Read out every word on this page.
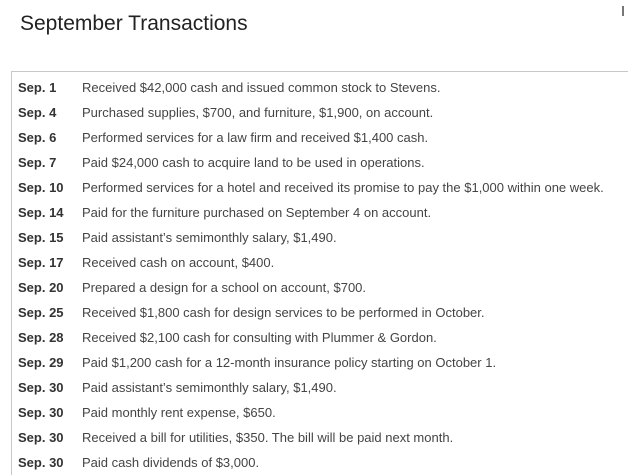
September Transactions
Sep. 1	Received $42,000 cash and issued common stock to Stevens.
Sep. 4	Purchased supplies, $700, and furniture, $1,900, on account.
Sep. 6	Performed services for a law firm and received $1,400 cash.
Sep. 7	Paid $24,000 cash to acquire land to be used in operations.
Sep. 10	Performed services for a hotel and received its promise to pay the $1,000 within one week.
Sep. 14	Paid for the furniture purchased on September 4 on account.
Sep. 15	Paid assistant’s semimonthly salary, $1,490.
Sep. 17	Received cash on account, $400.
Sep. 20	Prepared a design for a school on account, $700.
Sep. 25	Received $1,800 cash for design services to be performed in October.
Sep. 28	Received $2,100 cash for consulting with Plummer & Gordon.
Sep. 29	Paid $1,200 cash for a 12-month insurance policy starting on October 1.
Sep. 30	Paid assistant’s semimonthly salary, $1,490.
Sep. 30	Paid monthly rent expense, $650.
Sep. 30	Received a bill for utilities, $350. The bill will be paid next month.
Sep. 30	Paid cash dividends of $3,000.
